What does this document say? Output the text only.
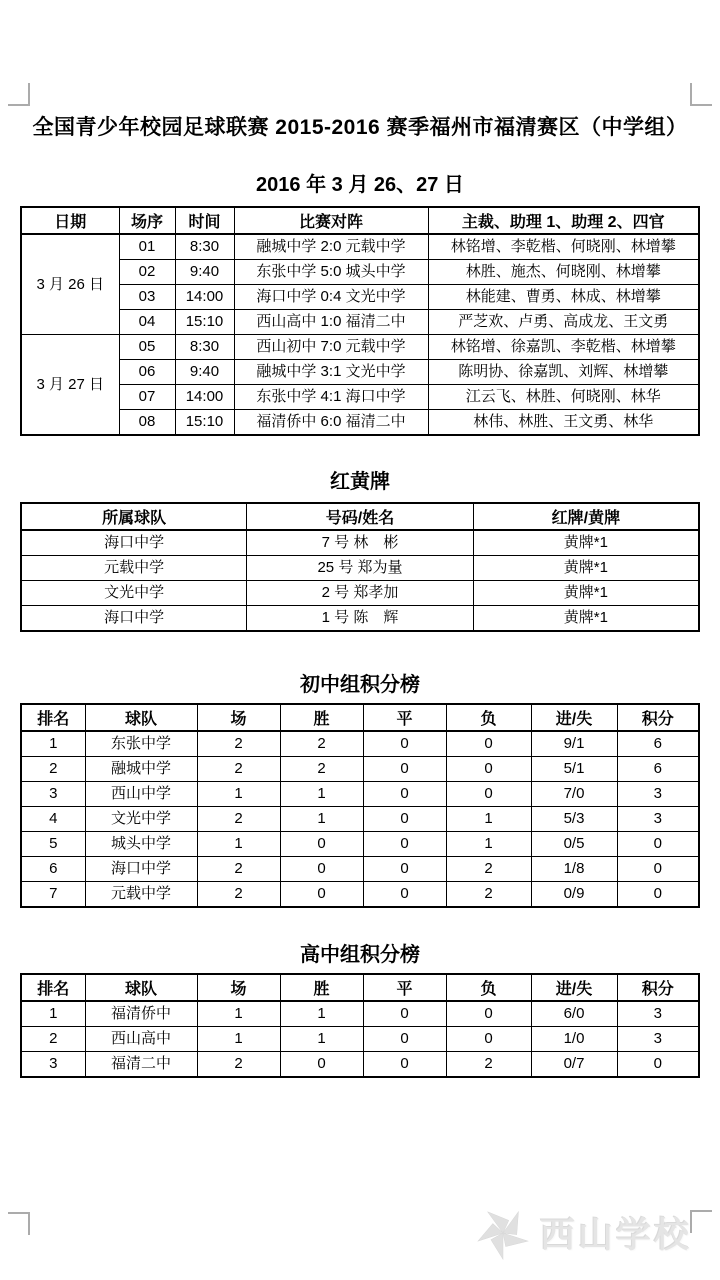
全国青少年校园足球联赛 2015-2016 赛季福州市福清赛区（中学组）
2016 年 3 月 26、27 日
日期	场序	时间	比赛对阵	主裁、助理 1、助理 2、四官
3 月 26 日	01	8:30	融城中学 2:0 元载中学	林铭增、李乾楷、何晓刚、林增攀
	02	9:40	东张中学 5:0 城头中学	林胜、施杰、何晓刚、林增攀
	03	14:00	海口中学 0:4 文光中学	林能建、曹勇、林成、林增攀
	04	15:10	西山高中 1:0 福清二中	严芝欢、卢勇、高成龙、王文勇
3 月 27 日	05	8:30	西山初中 7:0 元载中学	林铭增、徐嘉凯、李乾楷、林增攀
	06	9:40	融城中学 3:1 文光中学	陈明协、徐嘉凯、刘辉、林增攀
	07	14:00	东张中学 4:1 海口中学	江云飞、林胜、何晓刚、林华
	08	15:10	福清侨中 6:0 福清二中	林伟、林胜、王文勇、林华
红黄牌
所属球队	号码/姓名	红牌/黄牌
海口中学	7 号 林　彬	黄牌*1
元载中学	25 号 郑为量	黄牌*1
文光中学	2 号 郑孝加	黄牌*1
海口中学	1 号 陈　辉	黄牌*1
初中组积分榜
排名	球队	场	胜	平	负	进/失	积分
1	东张中学	2	2	0	0	9/1	6
2	融城中学	2	2	0	0	5/1	6
3	西山中学	1	1	0	0	7/0	3
4	文光中学	2	1	0	1	5/3	3
5	城头中学	1	0	0	1	0/5	0
6	海口中学	2	0	0	2	1/8	0
7	元载中学	2	0	0	2	0/9	0
高中组积分榜
排名	球队	场	胜	平	负	进/失	积分
1	福清侨中	1	1	0	0	6/0	3
2	西山高中	1	1	0	0	1/0	3
3	福清二中	2	0	0	2	0/7	0
西山学校
